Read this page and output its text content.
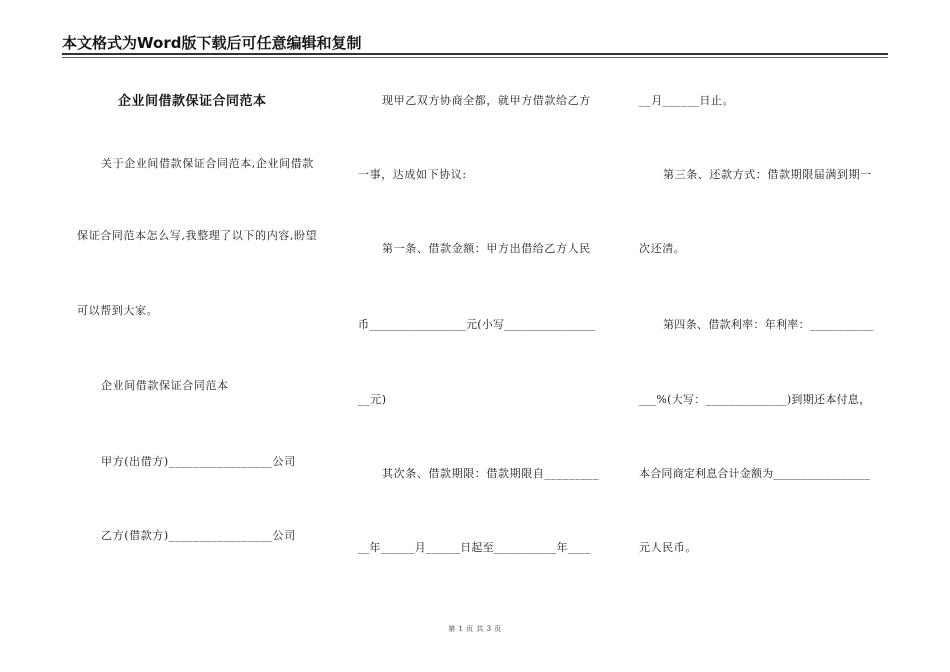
本文格式为Word版下载后可任意编辑和复制
企业间借款保证合同范本
关于企业间借款保证合同范本,企业间借款
保证合同范本怎么写,我整理了以下的内容,盼望
可以帮到大家。
企业间借款保证合同范本
甲方(出借方)_________________公司
乙方(借款方)_________________公司
现甲乙双方协商全都，就甲方借款给乙方
一事，达成如下协议:
第一条、借款金额：甲方出借给乙方人民
币_________________元(小写________________
__元)
其次条、借款期限：借款期限自_________
__年______月______日起至___________年____
__月______日止。
第三条、还款方式：借款期限届满到期一
次还清。
第四条、借款利率：年利率：___________
___%(大写：______________)到期还本付息，
本合同商定利息合计金额为_________________
元人民币。
第 1 页 共 3 页
